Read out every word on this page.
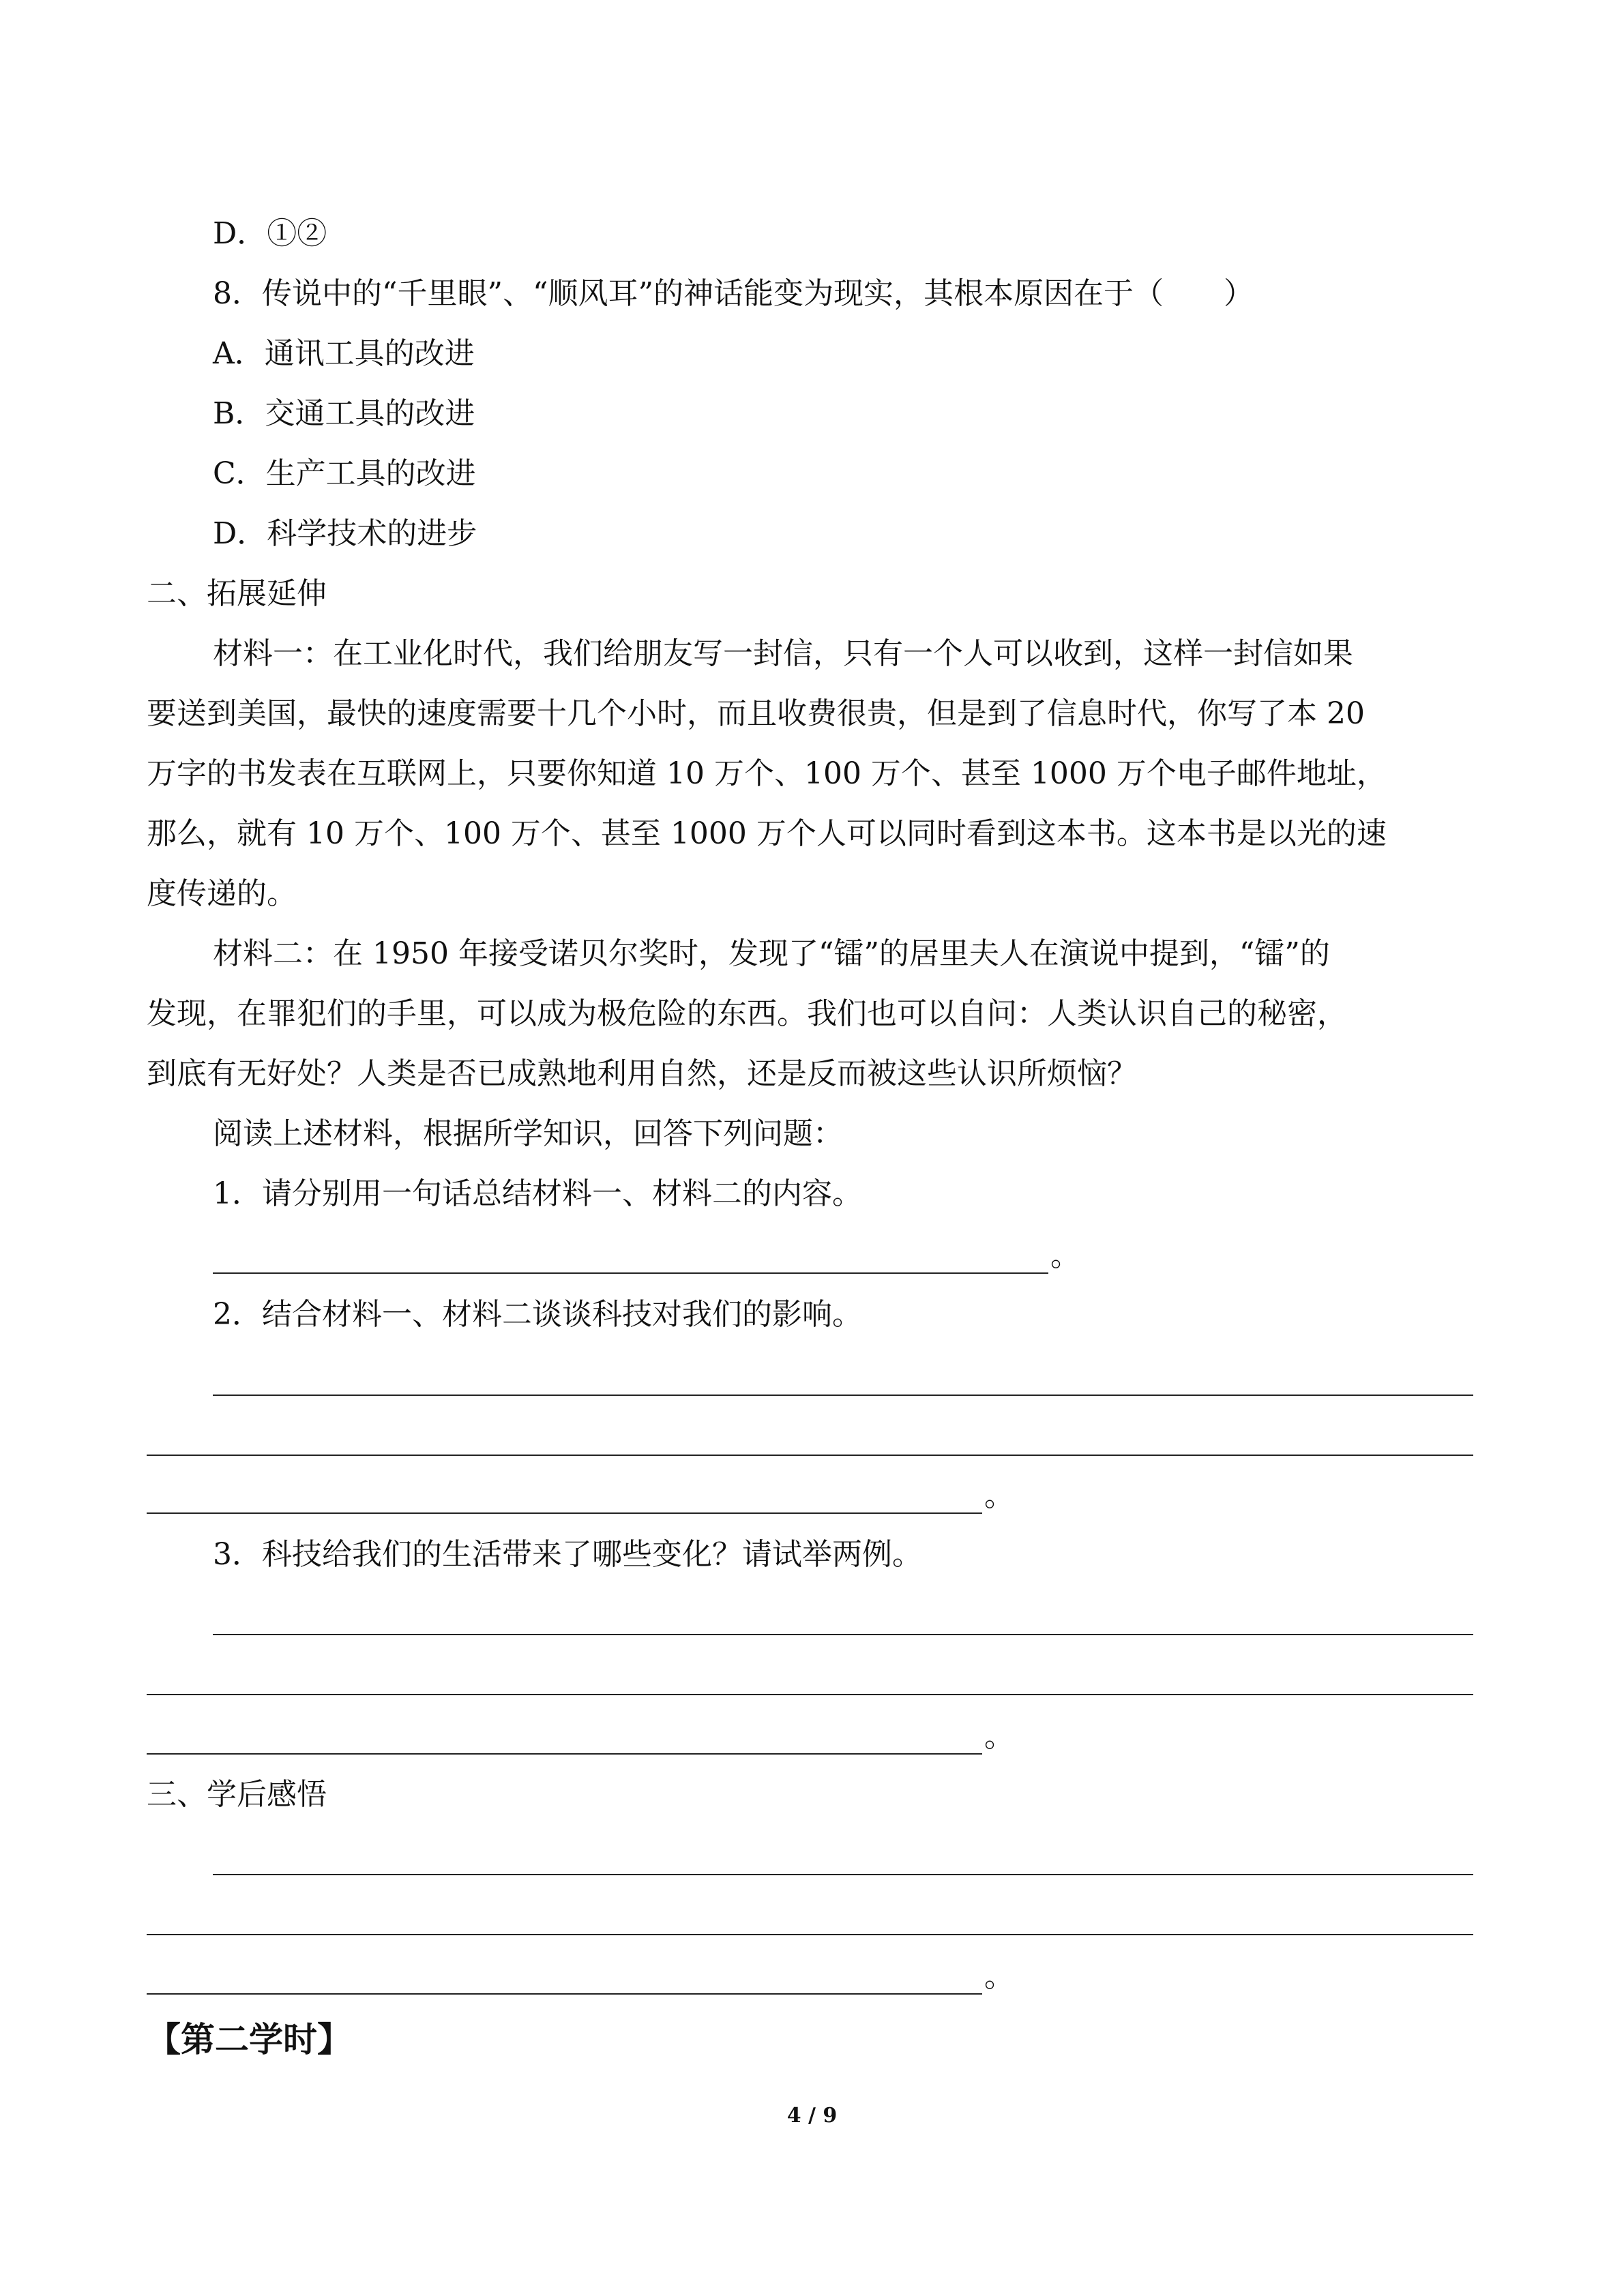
D．①②
8．传说中的“千里眼”、“顺风耳”的神话能变为现实，其根本原因在于（　　）
A．通讯工具的改进
B．交通工具的改进
C．生产工具的改进
D．科学技术的进步
二、拓展延伸
材料一：在工业化时代，我们给朋友写一封信，只有一个人可以收到，这样一封信如果
要送到美国，最快的速度需要十几个小时，而且收费很贵，但是到了信息时代，你写了本 20
万字的书发表在互联网上，只要你知道 10 万个、100 万个、甚至 1000 万个电子邮件地址，
那么，就有 10 万个、100 万个、甚至 1000 万个人可以同时看到这本书。这本书是以光的速
度传递的。
材料二：在 1950 年接受诺贝尔奖时，发现了“镭”的居里夫人在演说中提到，“镭”的
发现，在罪犯们的手里，可以成为极危险的东西。我们也可以自问：人类认识自己的秘密，
到底有无好处？人类是否已成熟地利用自然，还是反而被这些认识所烦恼？
阅读上述材料，根据所学知识，回答下列问题：
1．请分别用一句话总结材料一、材料二的内容。
。
2．结合材料一、材料二谈谈科技对我们的影响。
。
3．科技给我们的生活带来了哪些变化？请试举两例。
。
三、学后感悟
。
【第二学时】
4 / 9
